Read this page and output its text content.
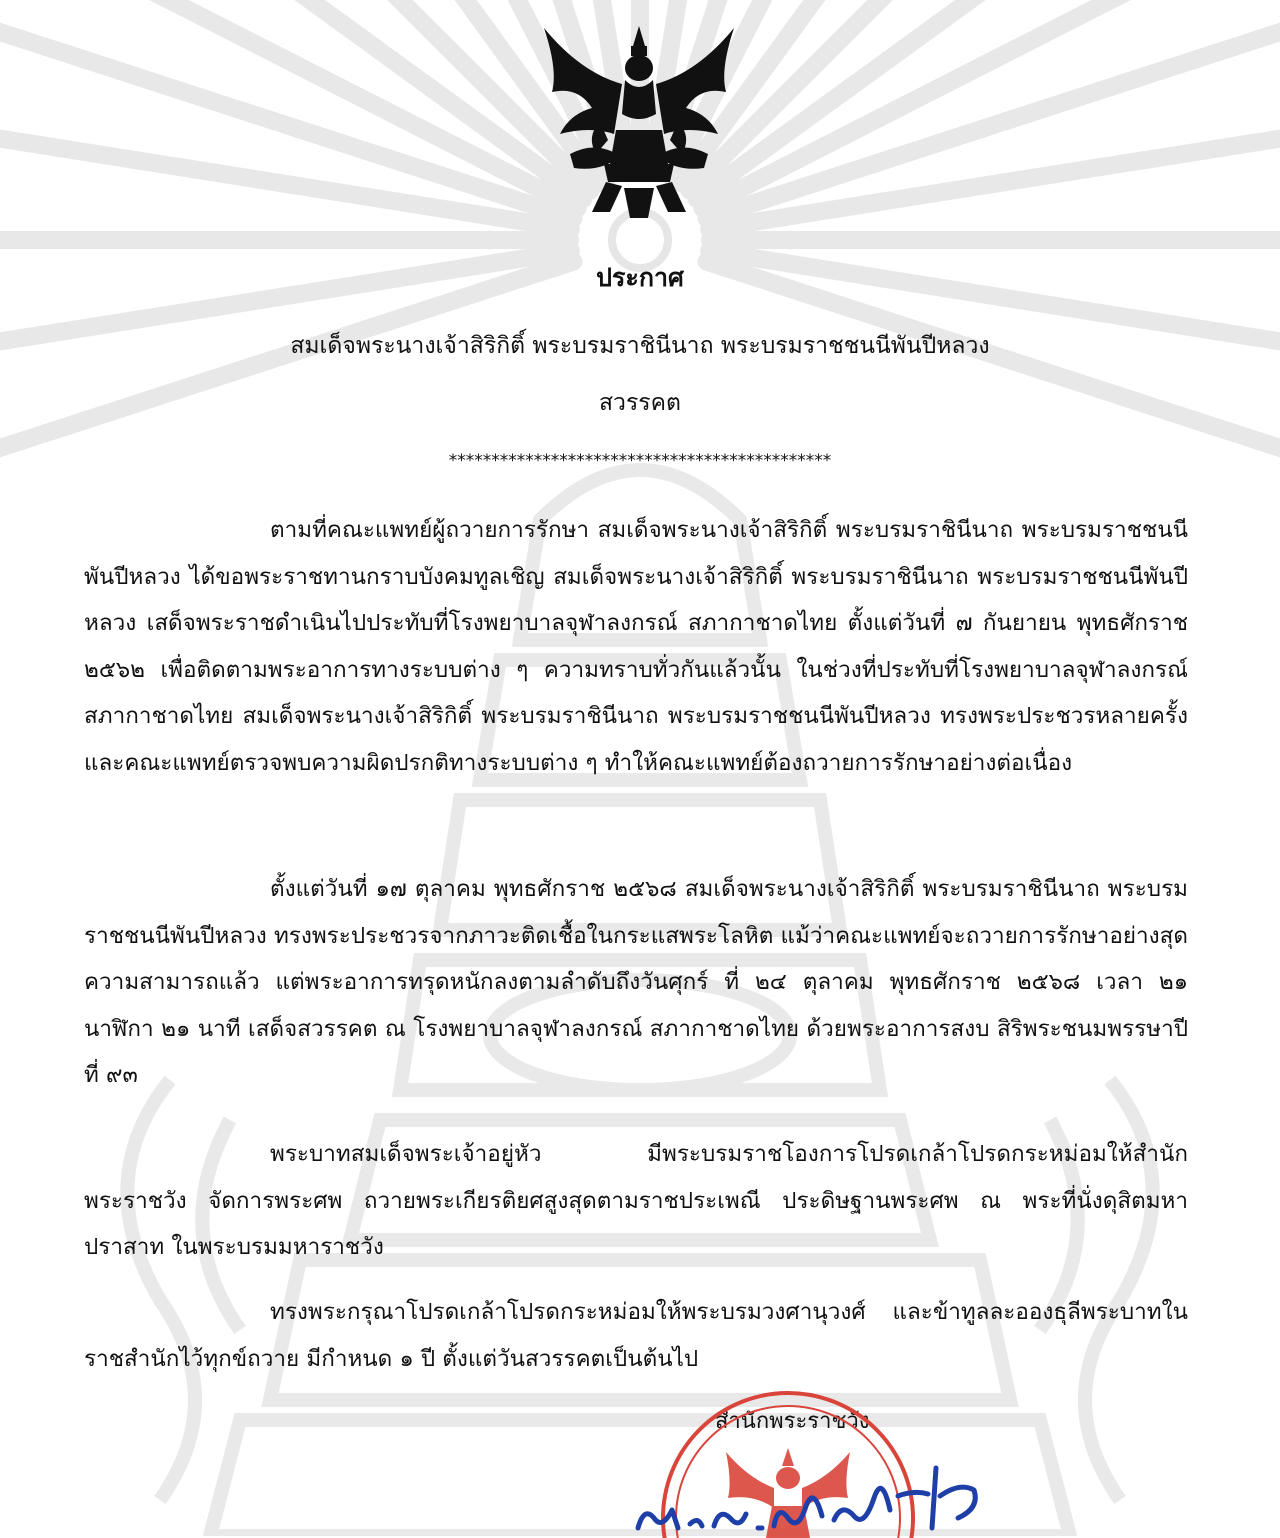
ประกาศ
สมเด็จพระนางเจ้าสิริกิติ์ พระบรมราชินีนาถ พระบรมราชชนนีพันปีหลวง
สวรรคต
*********************************************
ตามที่คณะแพทย์ผู้ถวายการรักษา สมเด็จพระนางเจ้าสิริกิติ์ พระบรมราชินีนาถ พระบรมราชชนนีพันปีหลวง ได้ขอพระราชทานกราบบังคมทูลเชิญ สมเด็จพระนางเจ้าสิริกิติ์ พระบรมราชินีนาถ พระบรมราชชนนีพันปีหลวง เสด็จพระราชดำเนินไปประทับที่โรงพยาบาลจุฬาลงกรณ์ สภากาชาดไทย ตั้งแต่วันที่ ๗ กันยายน พุทธศักราช ๒๕๖๒ เพื่อติดตามพระอาการทางระบบต่าง ๆ ความทราบทั่วกันแล้วนั้น ในช่วงที่ประทับที่โรงพยาบาลจุฬาลงกรณ์ สภากาชาดไทย สมเด็จพระนางเจ้าสิริกิติ์ พระบรมราชินีนาถ พระบรมราชชนนีพันปีหลวง ทรงพระประชวรหลายครั้ง และคณะแพทย์ตรวจพบความผิดปรกติทางระบบต่าง ๆ ทำให้คณะแพทย์ต้องถวายการรักษาอย่างต่อเนื่อง
ตั้งแต่วันที่ ๑๗ ตุลาคม พุทธศักราช ๒๕๖๘ สมเด็จพระนางเจ้าสิริกิติ์ พระบรมราชินีนาถ พระบรมราชชนนีพันปีหลวง ทรงพระประชวรจากภาวะติดเชื้อในกระแสพระโลหิต แม้ว่าคณะแพทย์จะถวายการรักษาอย่างสุดความสามารถแล้ว แต่พระอาการทรุดหนักลงตามลำดับถึงวันศุกร์ ที่ ๒๔ ตุลาคม พุทธศักราช ๒๕๖๘ เวลา ๒๑ นาฬิกา ๒๑ นาที เสด็จสวรรคต ณ โรงพยาบาลจุฬาลงกรณ์ สภากาชาดไทย ด้วยพระอาการสงบ สิริพระชนมพรรษาปีที่ ๙๓
พระบาทสมเด็จพระเจ้าอยู่หัว มีพระบรมราชโองการโปรดเกล้าโปรดกระหม่อมให้สำนักพระราชวัง จัดการพระศพ ถวายพระเกียรติยศสูงสุดตามราชประเพณี ประดิษฐานพระศพ ณ พระที่นั่งดุสิตมหาปราสาท ในพระบรมมหาราชวัง
ทรงพระกรุณาโปรดเกล้าโปรดกระหม่อมให้พระบรมวงศานุวงศ์ และข้าทูลละอองธุลีพระบาทในราชสำนักไว้ทุกข์ถวาย มีกำหนด ๑ ปี ตั้งแต่วันสวรรคตเป็นต้นไป
สำนักพระราชวัง
